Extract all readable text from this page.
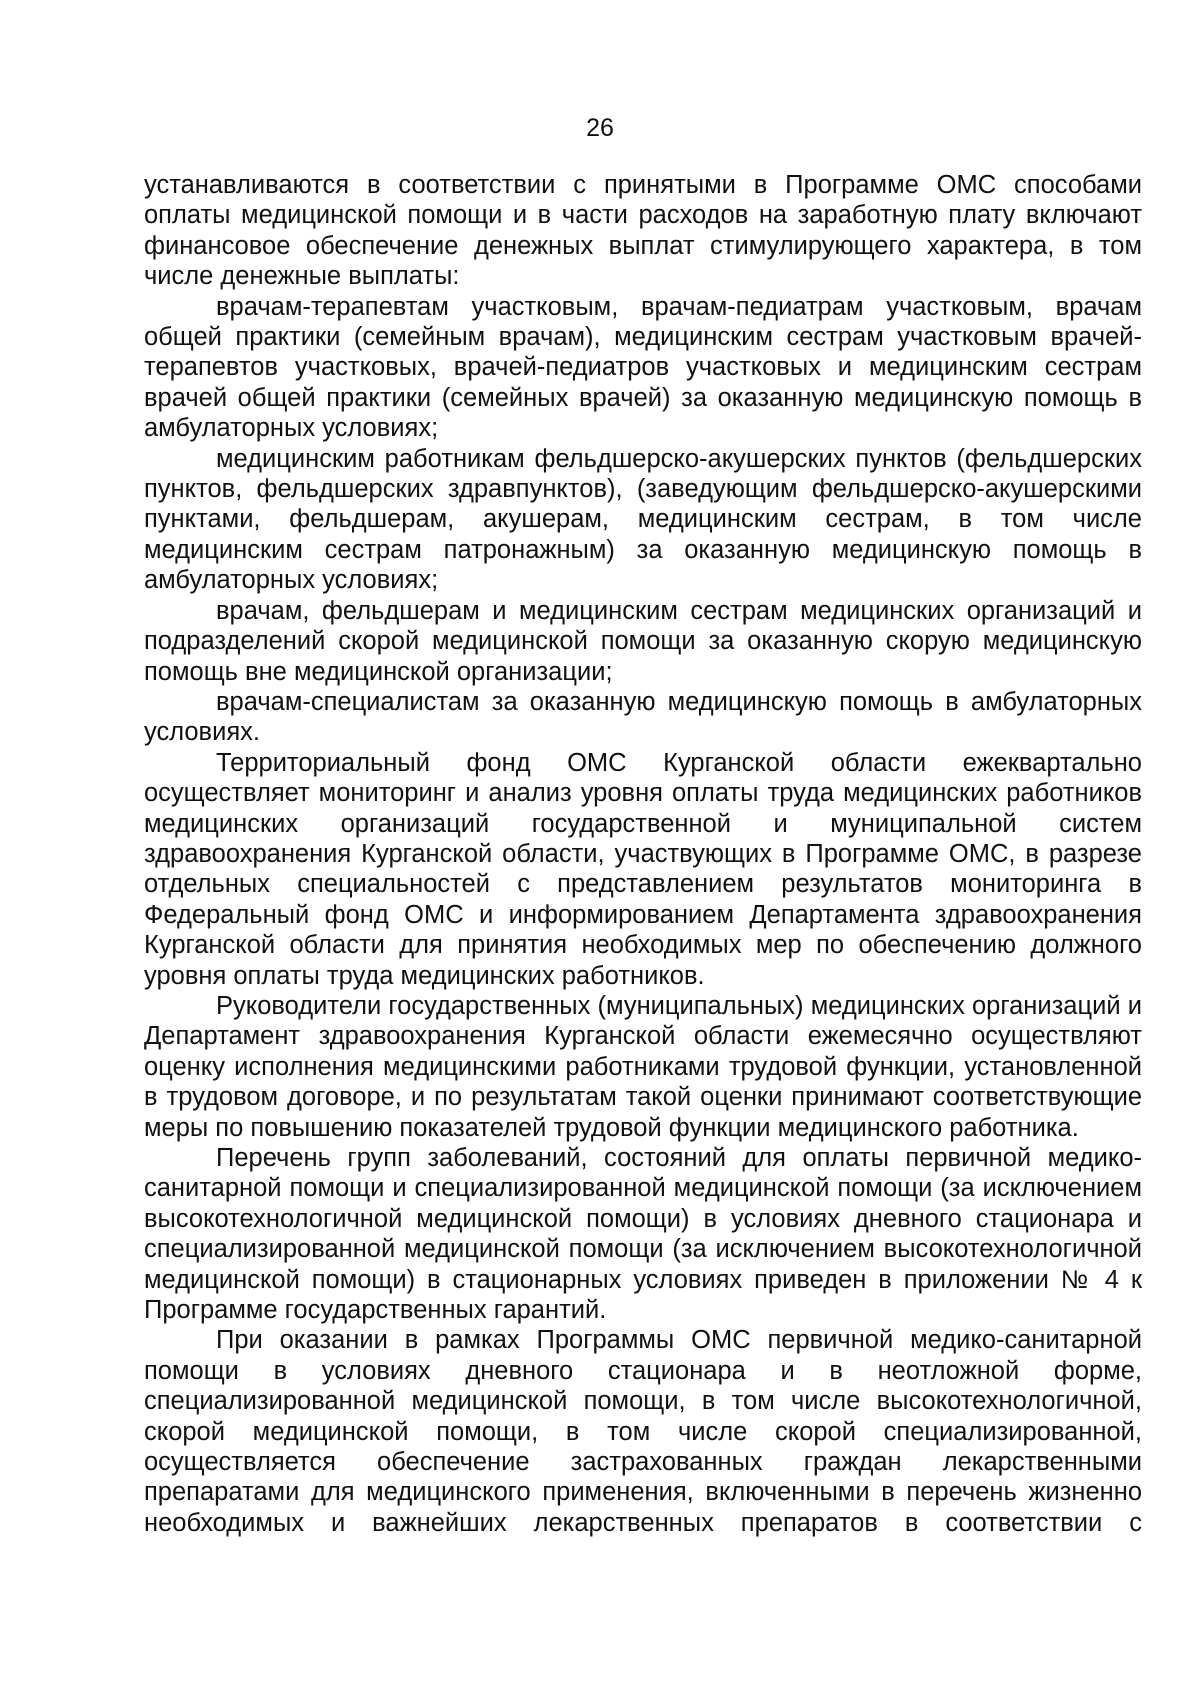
26

устанавливаются в соответствии с принятыми в Программе ОМС способами оплаты медицинской помощи и в части расходов на заработную плату включают финансовое обеспечение денежных выплат стимулирующего характера, в том числе денежные выплаты:

врачам-терапевтам участковым, врачам-педиатрам участковым, врачам общей практики (семейным врачам), медицинским сестрам участковым врачей-терапевтов участковых, врачей-педиатров участковых и медицинским сестрам врачей общей практики (семейных врачей) за оказанную медицинскую помощь в амбулаторных условиях;

медицинским работникам фельдшерско-акушерских пунктов (фельдшерских пунктов, фельдшерских здравпунктов), (заведующим фельдшерско-акушерскими пунктами, фельдшерам, акушерам, медицинским сестрам, в том числе медицинским сестрам патронажным) за оказанную медицинскую помощь в амбулаторных условиях;

врачам, фельдшерам и медицинским сестрам медицинских организаций и подразделений скорой медицинской помощи за оказанную скорую медицинскую помощь вне медицинской организации;

врачам-специалистам за оказанную медицинскую помощь в амбулаторных условиях.

Территориальный фонд ОМС Курганской области ежеквартально осуществляет мониторинг и анализ уровня оплаты труда медицинских работников медицинских организаций государственной и муниципальной систем здравоохранения Курганской области, участвующих в Программе ОМС, в разрезе отдельных специальностей с представлением результатов мониторинга в Федеральный фонд ОМС и информированием Департамента здравоохранения Курганской области для принятия необходимых мер по обеспечению должного уровня оплаты труда медицинских работников.

Руководители государственных (муниципальных) медицинских организаций и Департамент здравоохранения Курганской области ежемесячно осуществляют оценку исполнения медицинскими работниками трудовой функции, установленной в трудовом договоре, и по результатам такой оценки принимают соответствующие меры по повышению показателей трудовой функции медицинского работника.

Перечень групп заболеваний, состояний для оплаты первичной медико-санитарной помощи и специализированной медицинской помощи (за исключением высокотехнологичной медицинской помощи) в условиях дневного стационара и специализированной медицинской помощи (за исключением высокотехнологичной медицинской помощи) в стационарных условиях приведен в приложении № 4 к Программе государственных гарантий.

При оказании в рамках Программы ОМС первичной медико-санитарной помощи в условиях дневного стационара и в неотложной форме, специализированной медицинской помощи, в том числе высокотехнологичной, скорой медицинской помощи, в том числе скорой специализированной, осуществляется обеспечение застрахованных граждан лекарственными препаратами для медицинского применения, включенными в перечень жизненно необходимых и важнейших лекарственных препаратов в соответствии с
